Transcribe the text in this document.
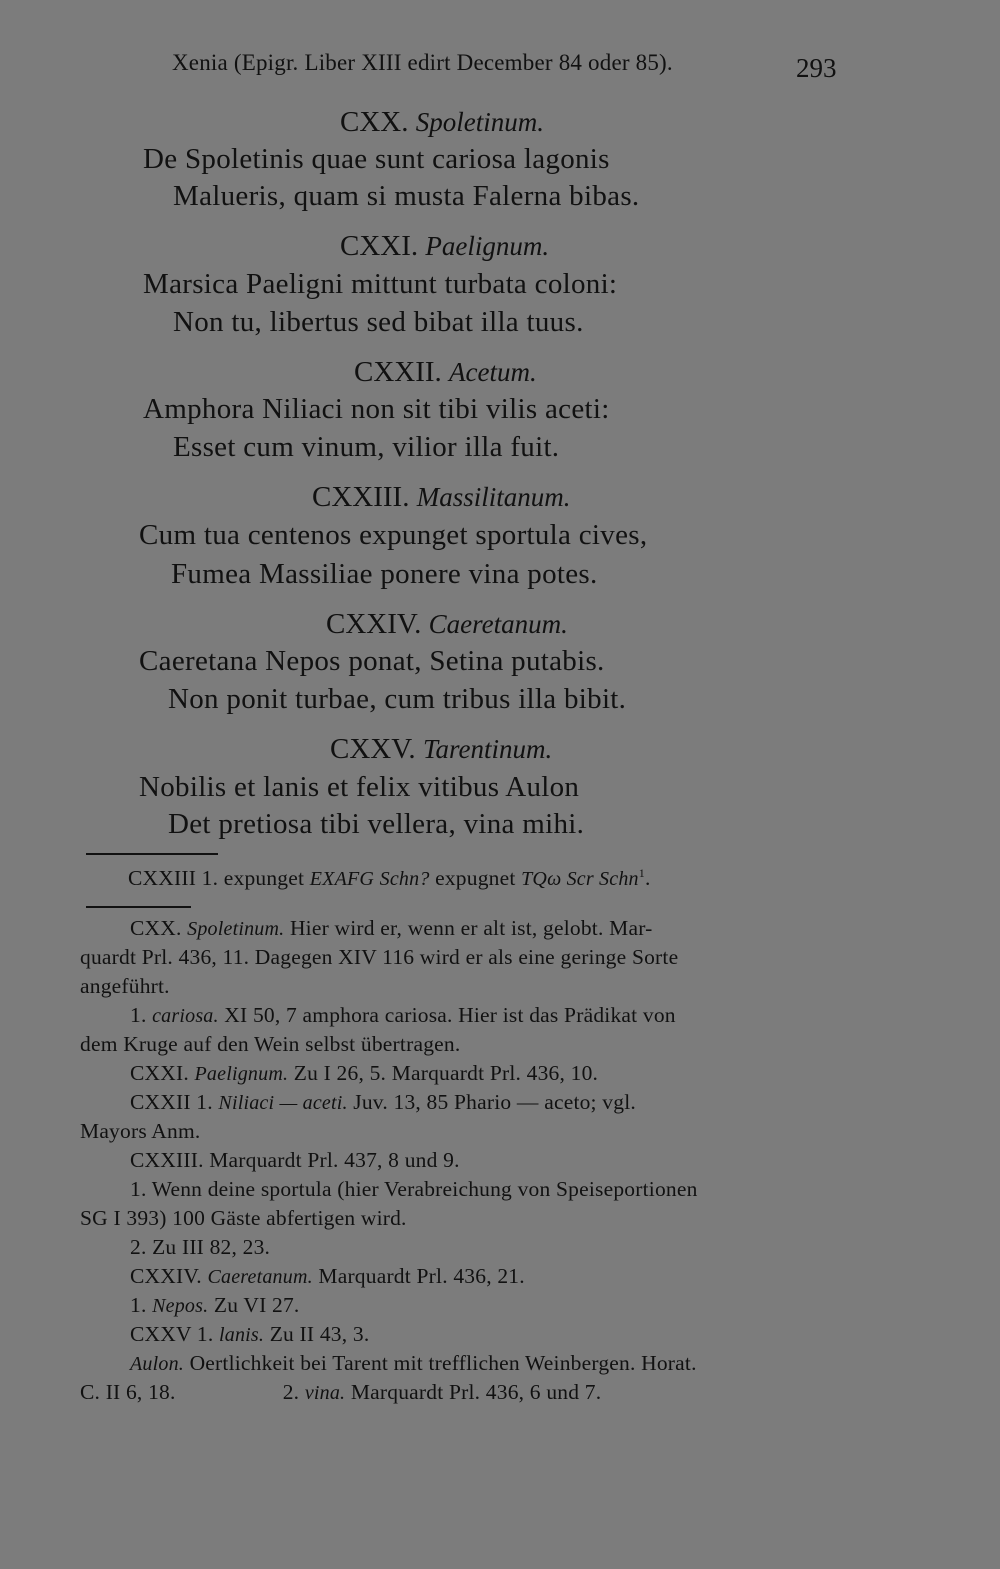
Xenia (Epigr. Liber XIII edirt December 84 oder 85).	293
CXX. Spoletinum.
De Spoletinis quae sunt cariosa lagonis
Malueris, quam si musta Falerna bibas.
CXXI. Paelignum.
Marsica Paeligni mittunt turbata coloni:
Non tu, libertus sed bibat illa tuus.
CXXII. Acetum.
Amphora Niliaci non sit tibi vilis aceti:
Esset cum vinum, vilior illa fuit.
CXXIII. Massilitanum.
Cum tua centenos expunget sportula cives,
Fumea Massiliae ponere vina potes.
CXXIV. Caeretanum.
Caeretana Nepos ponat, Setina putabis.
Non ponit turbae, cum tribus illa bibit.
CXXV. Tarentinum.
Nobilis et lanis et felix vitibus Aulon
Det pretiosa tibi vellera, vina mihi.
CXXIII 1. expunget EXAFG Schn? expugnet TQω Scr Schn$^1$.
CXX. Spoletinum. Hier wird er, wenn er alt ist, gelobt. Mar-
quardt Prl. 436, 11. Dagegen XIV 116 wird er als eine geringe Sorte
angeführt.
1. cariosa. XI 50, 7 amphora cariosa. Hier ist das Prädikat von
dem Kruge auf den Wein selbst übertragen.
CXXI. Paelignum. Zu I 26, 5. Marquardt Prl. 436, 10.
CXXII 1. Niliaci — aceti. Juv. 13, 85 Phario — aceto; vgl.
Mayors Anm.
CXXIII. Marquardt Prl. 437, 8 und 9.
1. Wenn deine sportula (hier Verabreichung von Speiseportionen
SG I 393) 100 Gäste abfertigen wird.
2. Zu III 82, 23.
CXXIV. Caeretanum. Marquardt Prl. 436, 21.
1. Nepos. Zu VI 27.
CXXV 1. lanis. Zu II 43, 3.
Aulon. Oertlichkeit bei Tarent mit trefflichen Weinbergen. Horat.
C. II 6, 18.	2. vina. Marquardt Prl. 436, 6 und 7.
